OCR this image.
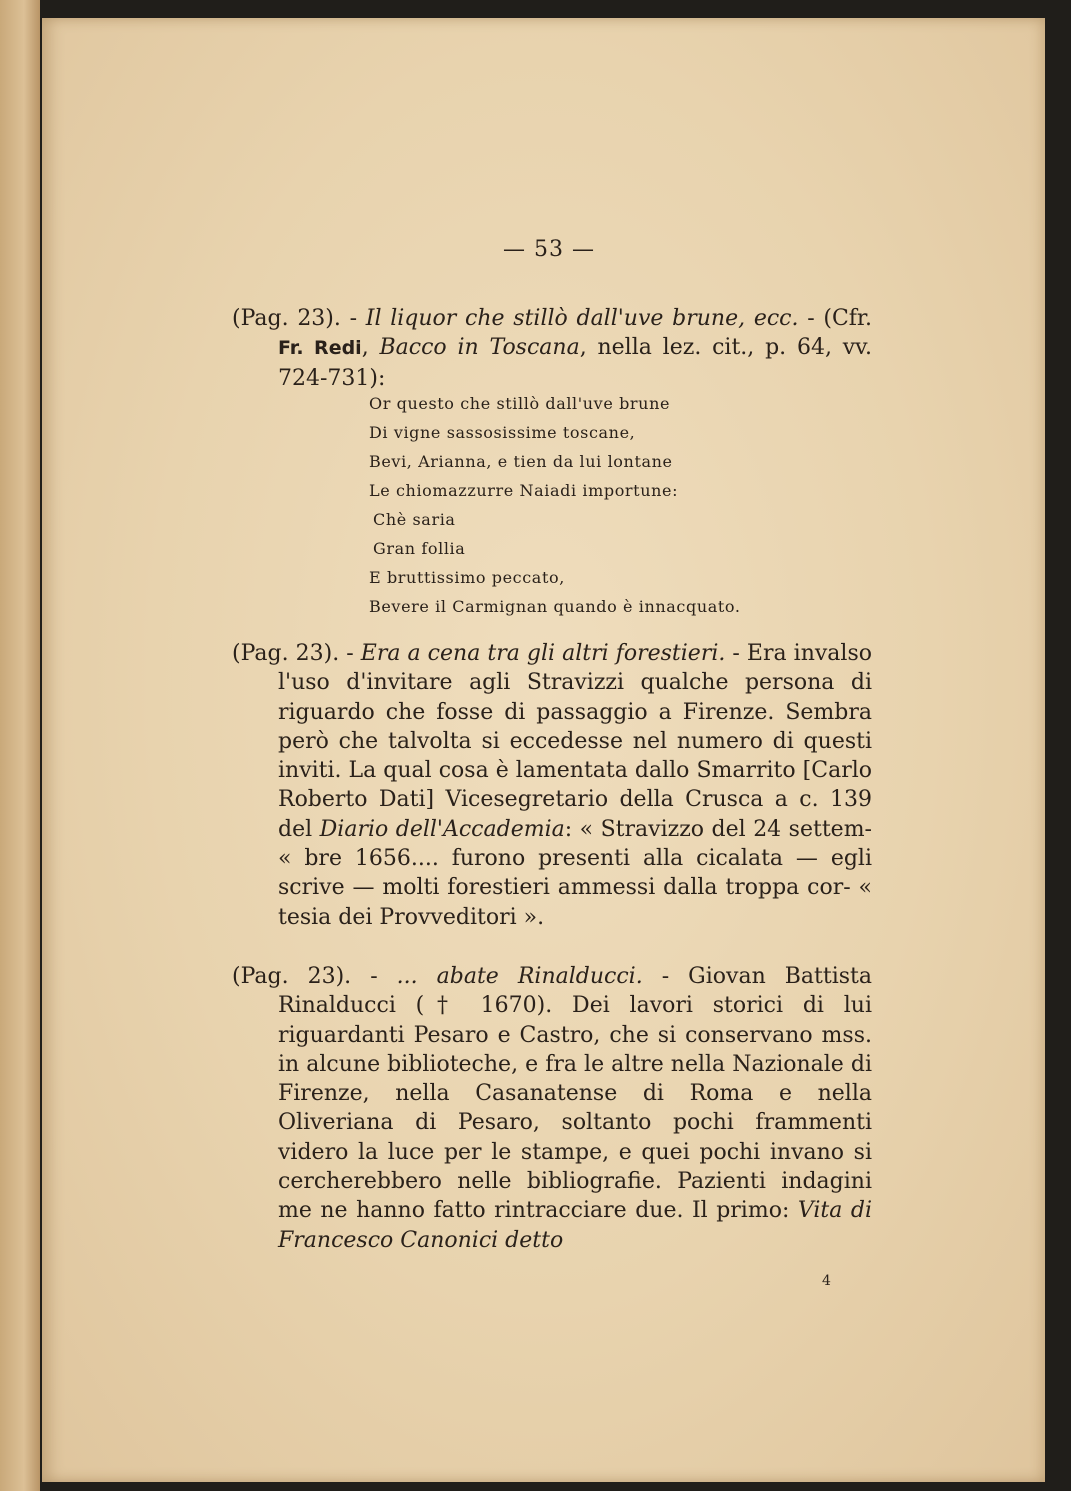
— 53 —
(Pag. 23). - Il liquor che stillò dall'uve brune, ecc. - (Cfr. Fr. Redi, Bacco in Toscana, nella lez. cit., p. 64, vv. 724-731):
Or questo che stillò dall'uve brune
Di vigne sassosissime toscane,
Bevi, Arianna, e tien da lui lontane
Le chiomazzurre Naiadi importune:
Chè saria
Gran follia
E bruttissimo peccato,
Bevere il Carmignan quando è innacquato.
(Pag. 23). - Era a cena tra gli altri forestieri. - Era invalso l'uso d'invitare agli Stravizzi qualche persona di riguardo che fosse di passaggio a Firenze. Sembra però che talvolta si eccedesse nel numero di questi inviti. La qual cosa è lamentata dallo Smarrito [Carlo Roberto Dati] Vicesegretario della Crusca a c. 139 del Diario dell'Accademia: « Stravizzo del 24 settem- « bre 1656.... furono presenti alla cicalata — egli scrive — molti forestieri ammessi dalla troppa cor- « tesia dei Provveditori ».
(Pag. 23). - ... abate Rinalducci. - Giovan Battista Rinalducci († 1670). Dei lavori storici di lui riguardanti Pesaro e Castro, che si conservano mss. in alcune biblioteche, e fra le altre nella Nazionale di Firenze, nella Casanatense di Roma e nella Oliveriana di Pesaro, soltanto pochi frammenti videro la luce per le stampe, e quei pochi invano si cercherebbero nelle bibliografie. Pazienti indagini me ne hanno fatto rintracciare due. Il primo: Vita di Francesco Canonici detto
4
